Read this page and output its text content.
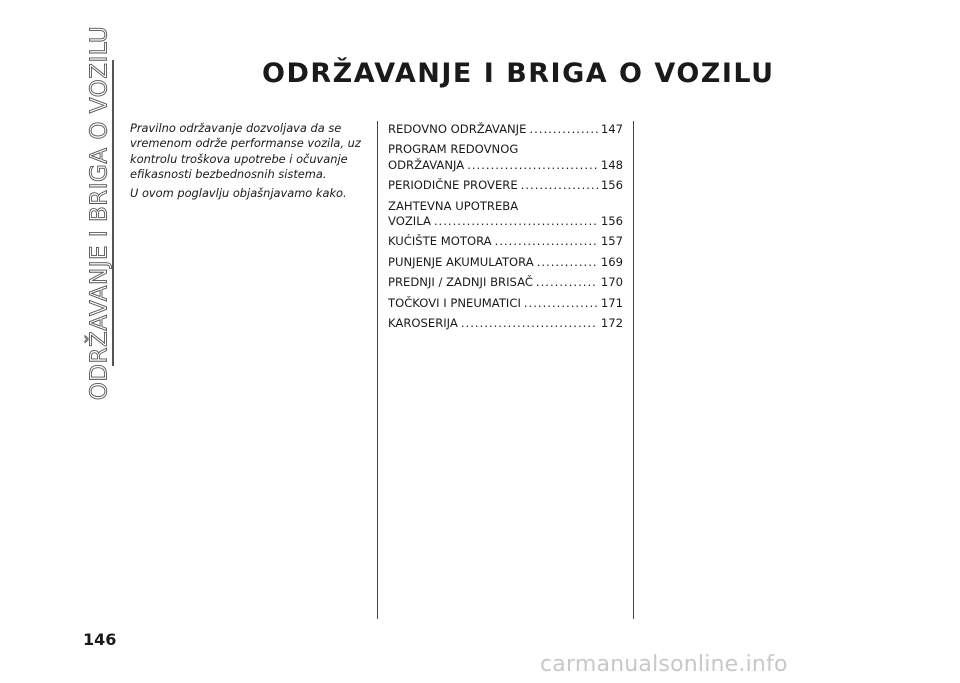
ODRŽAVANJE I BRIGA O VOZILU	ODRŽAVANJE I BRIGA O VOZILU

Pravilno održavanje dozvoljava da se vremenom održe performanse vozila, uz kontrolu troškova upotrebe i očuvanje efikasnosti bezbednosnih sistema.

U ovom poglavlju objašnjavamo kako.

REDOVNO ODRŽAVANJE .....	147
PROGRAM REDOVNOG
ODRŽAVANJA .....	148
PERIODIČNE PROVERE .....	156
ZAHTEVNA UPOTREBA
VOZILA .....	156
KUĆIŠTE MOTORA .....	157
PUNJENJE AKUMULATORA .....	169
PREDNJI / ZADNJI BRISAČ .....	170
TOČKOVI I PNEUMATICI .....	171
KAROSERIJA .....	172
146
carmanualsonline.info
